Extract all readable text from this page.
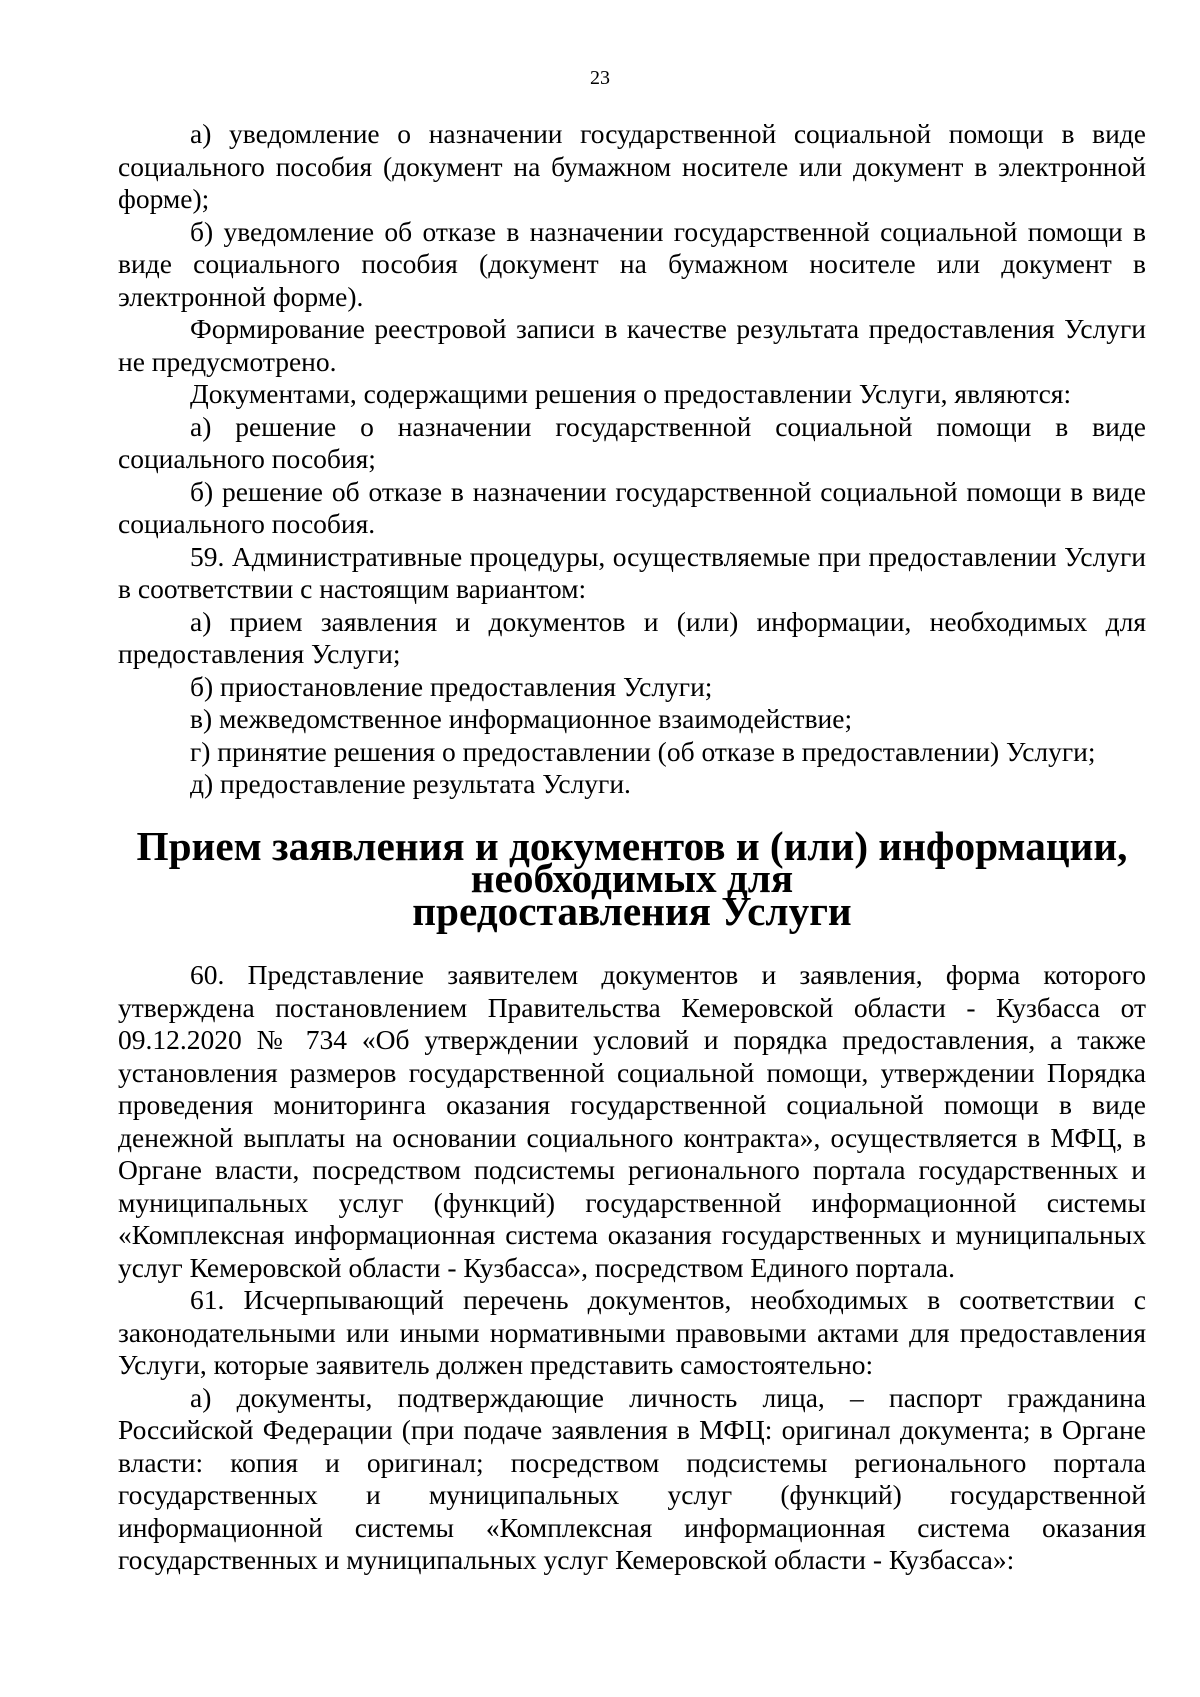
23

а) уведомление о назначении государственной социальной помощи в виде социального пособия (документ на бумажном носителе или документ в электронной форме);

б) уведомление об отказе в назначении государственной социальной помощи в виде социального пособия (документ на бумажном носителе или документ в электронной форме).

Формирование реестровой записи в качестве результата предоставления Услуги не предусмотрено.

Документами, содержащими решения о предоставлении Услуги, являются:

а) решение о назначении государственной социальной помощи в виде социального пособия;

б) решение об отказе в назначении государственной социальной помощи в виде социального пособия.

59. Административные процедуры, осуществляемые при предоставлении Услуги в соответствии с настоящим вариантом:

а) прием заявления и документов и (или) информации, необходимых для предоставления Услуги;

б) приостановление предоставления Услуги;

в) межведомственное информационное взаимодействие;

г) принятие решения о предоставлении (об отказе в предоставлении) Услуги;

д) предоставление результата Услуги.

Прием заявления и документов и (или) информации, необходимых для
предоставления Услуги

60. Представление заявителем документов и заявления, форма которого утверждена постановлением Правительства Кемеровской области - Кузбасса от 09.12.2020 № 734 «Об утверждении условий и порядка предоставления, а также установления размеров государственной социальной помощи, утверждении Порядка проведения мониторинга оказания государственной социальной помощи в виде денежной выплаты на основании социального контракта», осуществляется в МФЦ, в Органе власти, посредством подсистемы регионального портала государственных и муниципальных услуг (функций) государственной информационной системы «Комплексная информационная система оказания государственных и муниципальных услуг Кемеровской области - Кузбасса», посредством Единого портала.

61. Исчерпывающий перечень документов, необходимых в соответствии с законодательными или иными нормативными правовыми актами для предоставления Услуги, которые заявитель должен представить самостоятельно:

а) документы, подтверждающие личность лица, – паспорт гражданина Российской Федерации (при подаче заявления в МФЦ: оригинал документа; в Органе власти: копия и оригинал; посредством подсистемы регионального портала государственных и муниципальных услуг (функций) государственной информационной системы «Комплексная информационная система оказания государственных и муниципальных услуг Кемеровской области - Кузбасса»:
